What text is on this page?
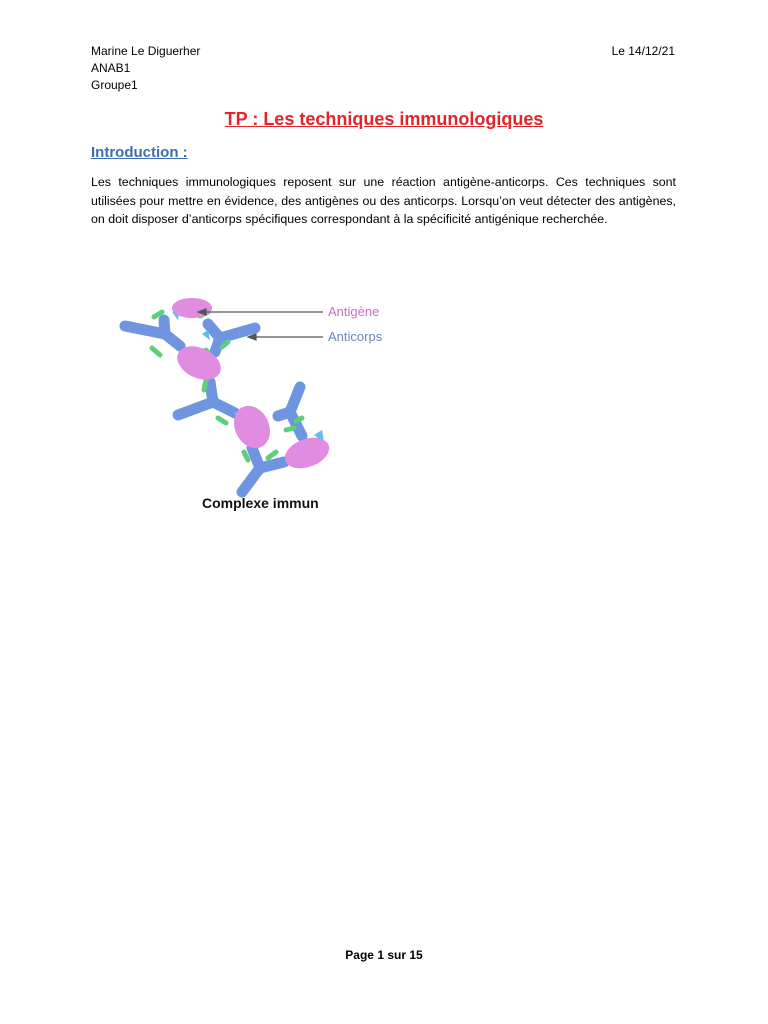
Marine Le Diguerher
ANAB1
Groupe1
Le 14/12/21
TP : Les techniques immunologiques
Introduction :
Les techniques immunologiques reposent sur une réaction antigène-anticorps. Ces techniques sont utilisées pour mettre en évidence, des antigènes ou des anticorps. Lorsqu’on veut détecter des antigènes, on doit disposer d’anticorps spécifiques correspondant à la spécificité antigénique recherchée.
Antigène
Anticorps
Complexe immun
Page 1 sur 15
